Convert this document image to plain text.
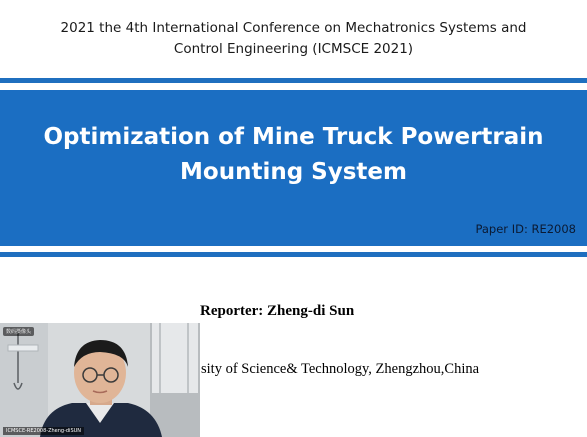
2021 the 4th International Conference on Mechatronics Systems and
Control Engineering (ICMSCE 2021)
Optimization of Mine Truck Powertrain
Mounting System
Paper ID: RE2008
Reporter: Zheng-di Sun
sity of Science& Technology, Zhengzhou,China
数码摄像头
ICMSCE-RE2008-Zheng-diSUN
